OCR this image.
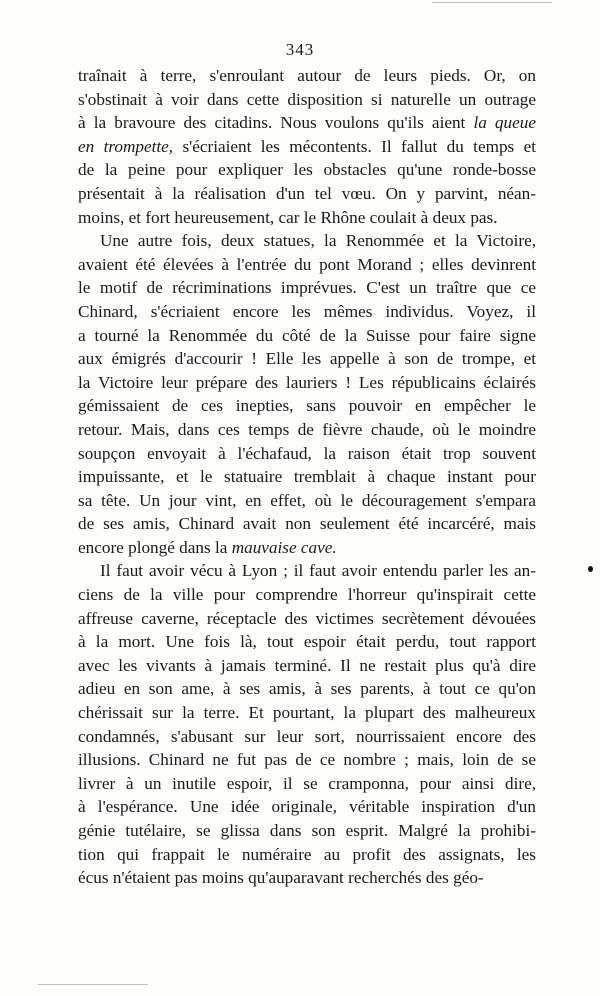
343
traînait à terre, s'enroulant autour de leurs pieds. Or, on
s'obstinait à voir dans cette disposition si naturelle un outrage
à la bravoure des citadins. Nous voulons qu'ils aient la queue
en trompette, s'écriaient les mécontents. Il fallut du temps et
de la peine pour expliquer les obstacles qu'une ronde-bosse
présentait à la réalisation d'un tel vœu. On y parvint, néan-
moins, et fort heureusement, car le Rhône coulait à deux pas.
Une autre fois, deux statues, la Renommée et la Victoire,
avaient été élevées à l'entrée du pont Morand ; elles devinrent
le motif de récriminations imprévues. C'est un traître que ce
Chinard, s'écriaient encore les mêmes individus. Voyez, il
a tourné la Renommée du côté de la Suisse pour faire signe
aux émigrés d'accourir ! Elle les appelle à son de trompe, et
la Victoire leur prépare des lauriers ! Les républicains éclairés
gémissaient de ces inepties, sans pouvoir en empêcher le
retour. Mais, dans ces temps de fièvre chaude, où le moindre
soupçon envoyait à l'échafaud, la raison était trop souvent
impuissante, et le statuaire tremblait à chaque instant pour
sa tête. Un jour vint, en effet, où le découragement s'empara
de ses amis, Chinard avait non seulement été incarcéré, mais
encore plongé dans la mauvaise cave.
Il faut avoir vécu à Lyon ; il faut avoir entendu parler les an-
ciens de la ville pour comprendre l'horreur qu'inspirait cette
affreuse caverne, réceptacle des victimes secrètement dévouées
à la mort. Une fois là, tout espoir était perdu, tout rapport
avec les vivants à jamais terminé. Il ne restait plus qu'à dire
adieu en son ame, à ses amis, à ses parents, à tout ce qu'on
chérissait sur la terre. Et pourtant, la plupart des malheureux
condamnés, s'abusant sur leur sort, nourrissaient encore des
illusions. Chinard ne fut pas de ce nombre ; mais, loin de se
livrer à un inutile espoir, il se cramponna, pour ainsi dire,
à l'espérance. Une idée originale, véritable inspiration d'un
génie tutélaire, se glissa dans son esprit. Malgré la prohibi-
tion qui frappait le numéraire au profit des assignats, les
écus n'étaient pas moins qu'auparavant recherchés des géo-
